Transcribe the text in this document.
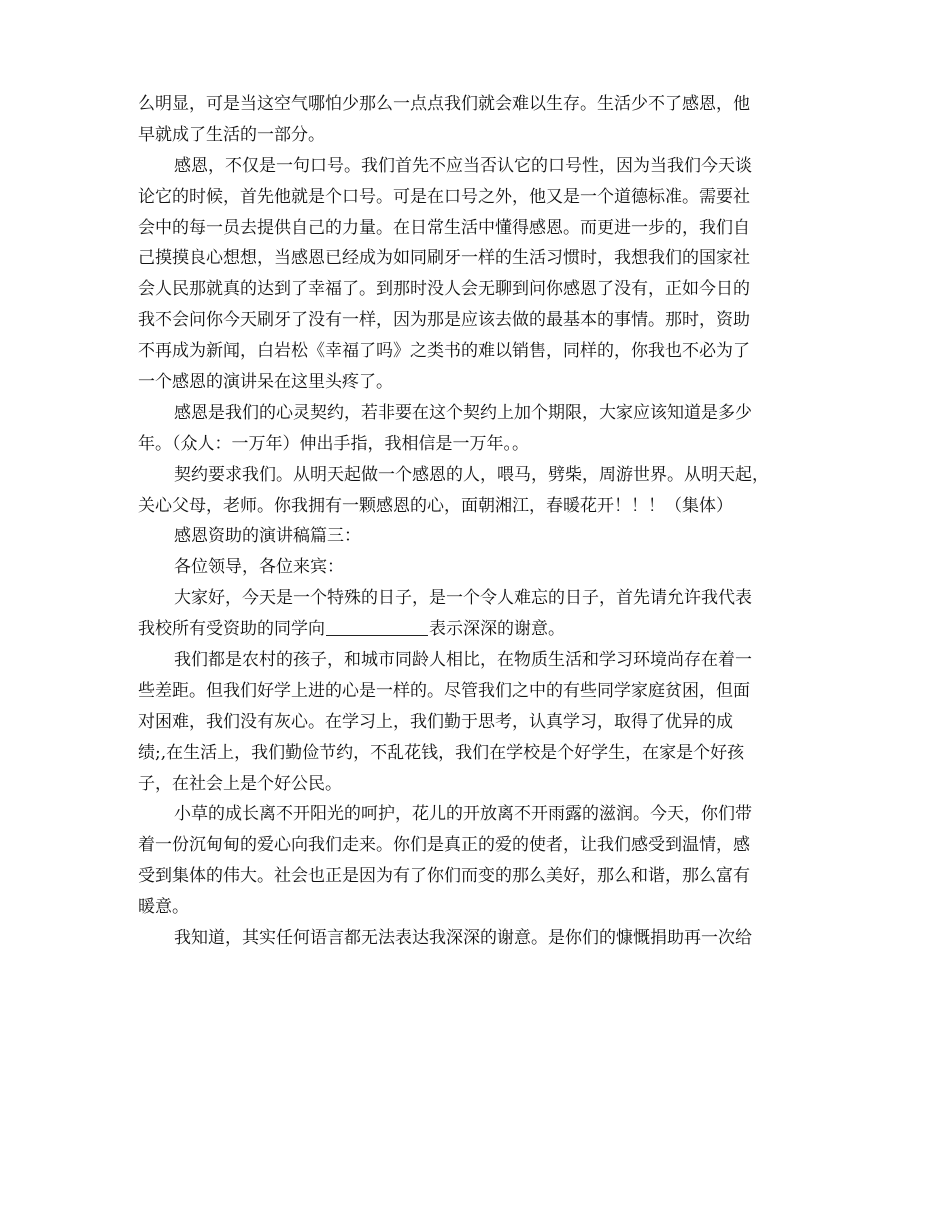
么明显，可是当这空气哪怕少那么一点点我们就会难以生存。生活少不了感恩，他
早就成了生活的一部分。
感恩，不仅是一句口号。我们首先不应当否认它的口号性，因为当我们今天谈
论它的时候，首先他就是个口号。可是在口号之外，他又是一个道德标准。需要社
会中的每一员去提供自己的力量。在日常生活中懂得感恩。而更进一步的，我们自
己摸摸良心想想，当感恩已经成为如同刷牙一样的生活习惯时，我想我们的国家社
会人民那就真的达到了幸福了。到那时没人会无聊到问你感恩了没有，正如今日的
我不会问你今天刷牙了没有一样，因为那是应该去做的最基本的事情。那时，资助
不再成为新闻，白岩松《幸福了吗》之类书的难以销售，同样的，你我也不必为了
一个感恩的演讲呆在这里头疼了。
感恩是我们的心灵契约，若非要在这个契约上加个期限，大家应该知道是多少
年。（众人：一万年）伸出手指，我相信是一万年。。
契约要求我们。从明天起做一个感恩的人，喂马，劈柴，周游世界。从明天起，
关心父母，老师。你我拥有一颗感恩的心，面朝湘江，春暖花开！！！（集体）
感恩资助的演讲稿篇三：
各位领导，各位来宾：
大家好，今天是一个特殊的日子，是一个令人难忘的日子，首先请允许我代表
我校所有受资助的同学向	表示深深的谢意。
我们都是农村的孩子，和城市同龄人相比，在物质生活和学习环境尚存在着一
些差距。但我们好学上进的心是一样的。尽管我们之中的有些同学家庭贫困，但面
对困难，我们没有灰心。在学习上，我们勤于思考，认真学习，取得了优异的成
绩;,在生活上，我们勤俭节约，不乱花钱，我们在学校是个好学生，在家是个好孩
子，在社会上是个好公民。
小草的成长离不开阳光的呵护，花儿的开放离不开雨露的滋润。今天，你们带
着一份沉甸甸的爱心向我们走来。你们是真正的爱的使者，让我们感受到温情，感
受到集体的伟大。社会也正是因为有了你们而变的那么美好，那么和谐，那么富有
暖意。
我知道，其实任何语言都无法表达我深深的谢意。是你们的慷慨捐助再一次给
